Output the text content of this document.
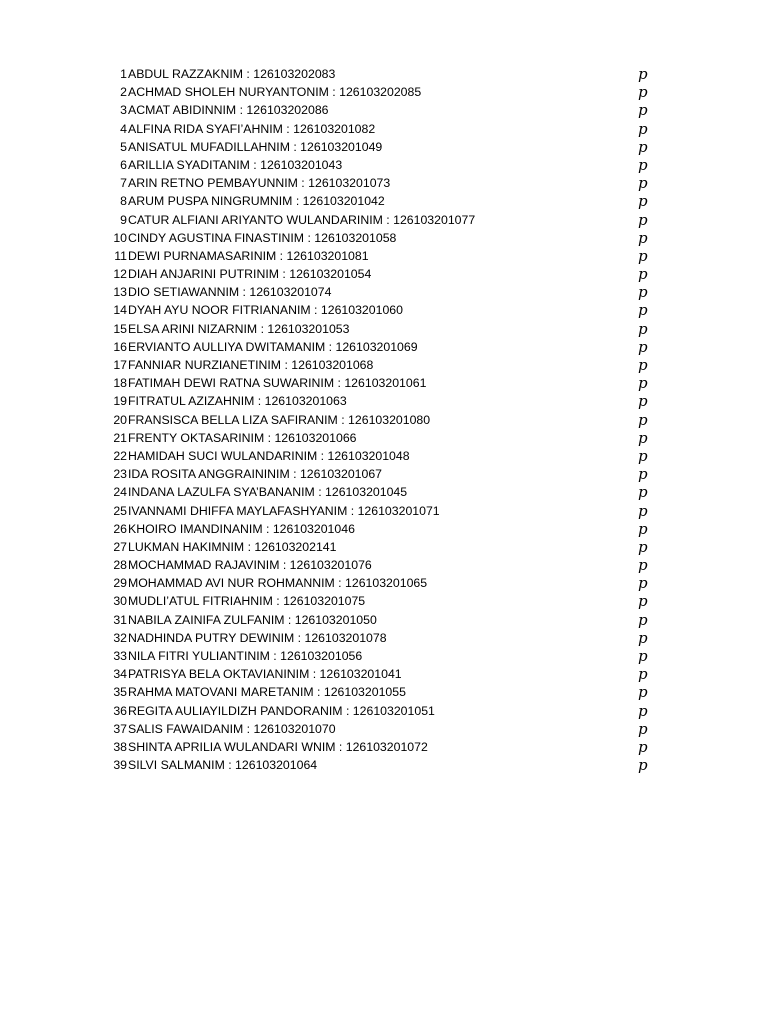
1ABDUL RAZZAKNIM : 126103202083	𝑝
2ACHMAD SHOLEH NURYANTONIM : 126103202085	𝑝
3ACMAT ABIDINNIM : 126103202086	𝑝
4ALFINA RIDA SYAFI’AHNIM : 126103201082	𝑝
5ANISATUL MUFADILLAHNIM : 126103201049	𝑝
6ARILLIA SYADITANIM : 126103201043	𝑝
7ARIN RETNO PEMBAYUNNIM : 126103201073	𝑝
8ARUM PUSPA NINGRUMNIM : 126103201042	𝑝
9CATUR ALFIANI ARIYANTO WULANDARINIM : 126103201077	𝑝
10CINDY AGUSTINA FINASTINIM : 126103201058	𝑝
11DEWI PURNAMASARINIM : 126103201081	𝑝
12DIAH ANJARINI PUTRINIM : 126103201054	𝑝
13DIO SETIAWANNIM : 126103201074	𝑝
14DYAH AYU NOOR FITRIANANIM : 126103201060	𝑝
15ELSA ARINI NIZARNIM : 126103201053	𝑝
16ERVIANTO AULLIYA DWITAMANIM : 126103201069	𝑝
17FANNIAR NURZIANETINIM : 126103201068	𝑝
18FATIMAH DEWI RATNA SUWARINIM : 126103201061	𝑝
19FITRATUL AZIZAHNIM : 126103201063	𝑝
20FRANSISCA BELLA LIZA SAFIRANIM : 126103201080	𝑝
21FRENTY OKTASARINIM : 126103201066	𝑝
22HAMIDAH SUCI WULANDARINIM : 126103201048	𝑝
23IDA ROSITA ANGGRAININIM : 126103201067	𝑝
24INDANA LAZULFA SYA’BANANIM : 126103201045	𝑝
25IVANNAMI DHIFFA MAYLAFASHYANIM : 126103201071	𝑝
26KHOIRO IMANDINANIM : 126103201046	𝑝
27LUKMAN HAKIMNIM : 126103202141	𝑝
28MOCHAMMAD RAJAVINIM : 126103201076	𝑝
29MOHAMMAD AVI NUR ROHMANNIM : 126103201065	𝑝
30MUDLI’ATUL FITRIAHNIM : 126103201075	𝑝
31NABILA ZAINIFA ZULFANIM : 126103201050	𝑝
32NADHINDA PUTRY DEWINIM : 126103201078	𝑝
33NILA FITRI YULIANTINIM : 126103201056	𝑝
34PATRISYA BELA OKTAVIANINIM : 126103201041	𝑝
35RAHMA MATOVANI MARETANIM : 126103201055	𝑝
36REGITA AULIAYILDIZH PANDORANIM : 126103201051	𝑝
37SALIS FAWAIDANIM : 126103201070	𝑝
38SHINTA APRILIA WULANDARI WNIM : 126103201072	𝑝
39SILVI SALMANIM : 126103201064	𝑝
